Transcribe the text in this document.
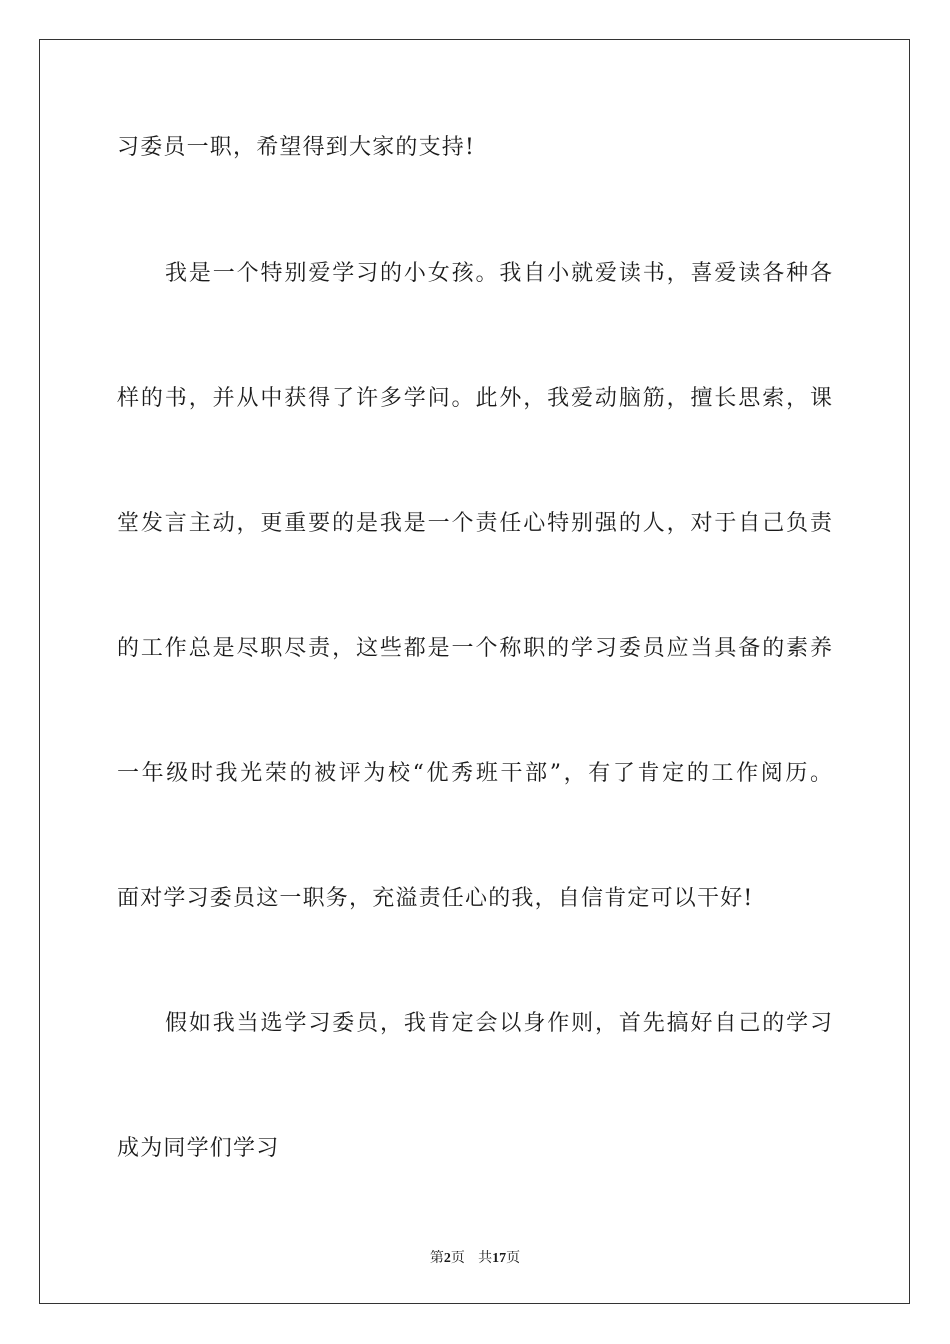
习委员一职，希望得到大家的支持!
我是一个特别爱学习的小女孩。我自小就爱读书，喜爱读各种各
样的书，并从中获得了许多学问。此外，我爱动脑筋，擅长思索，课
堂发言主动，更重要的是我是一个责任心特别强的人，对于自己负责
的工作总是尽职尽责，这些都是一个称职的学习委员应当具备的素养
一年级时我光荣的被评为校“优秀班干部”，有了肯定的工作阅历。
面对学习委员这一职务，充溢责任心的我，自信肯定可以干好!
假如我当选学习委员，我肯定会以身作则，首先搞好自己的学习
成为同学们学习
第2页 共17页
